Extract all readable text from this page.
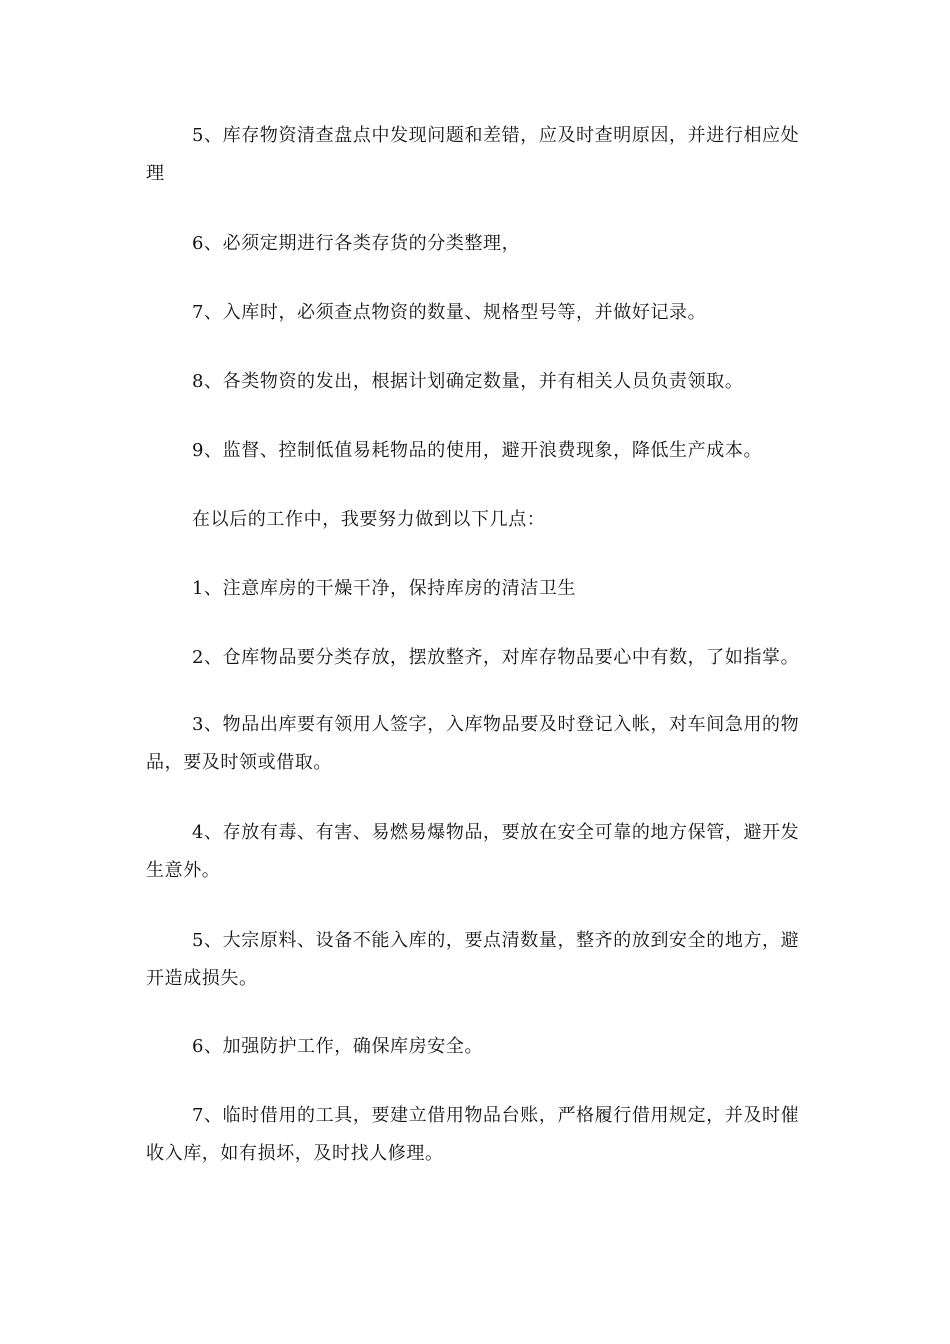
5、库存物资清查盘点中发现问题和差错，应及时查明原因，并进行相应处理

6、必须定期进行各类存货的分类整理，

7、入库时，必须查点物资的数量、规格型号等，并做好记录。

8、各类物资的发出，根据计划确定数量，并有相关人员负责领取。

9、监督、控制低值易耗物品的使用，避开浪费现象，降低生产成本。

在以后的工作中，我要努力做到以下几点：

1、注意库房的干燥干净，保持库房的清洁卫生

2、仓库物品要分类存放，摆放整齐，对库存物品要心中有数，了如指掌。

3、物品出库要有领用人签字，入库物品要及时登记入帐，对车间急用的物品，要及时领或借取。

4、存放有毒、有害、易燃易爆物品，要放在安全可靠的地方保管，避开发生意外。

5、大宗原料、设备不能入库的，要点清数量，整齐的放到安全的地方，避开造成损失。

6、加强防护工作，确保库房安全。

7、临时借用的工具，要建立借用物品台账，严格履行借用规定，并及时催收入库，如有损坏，及时找人修理。
